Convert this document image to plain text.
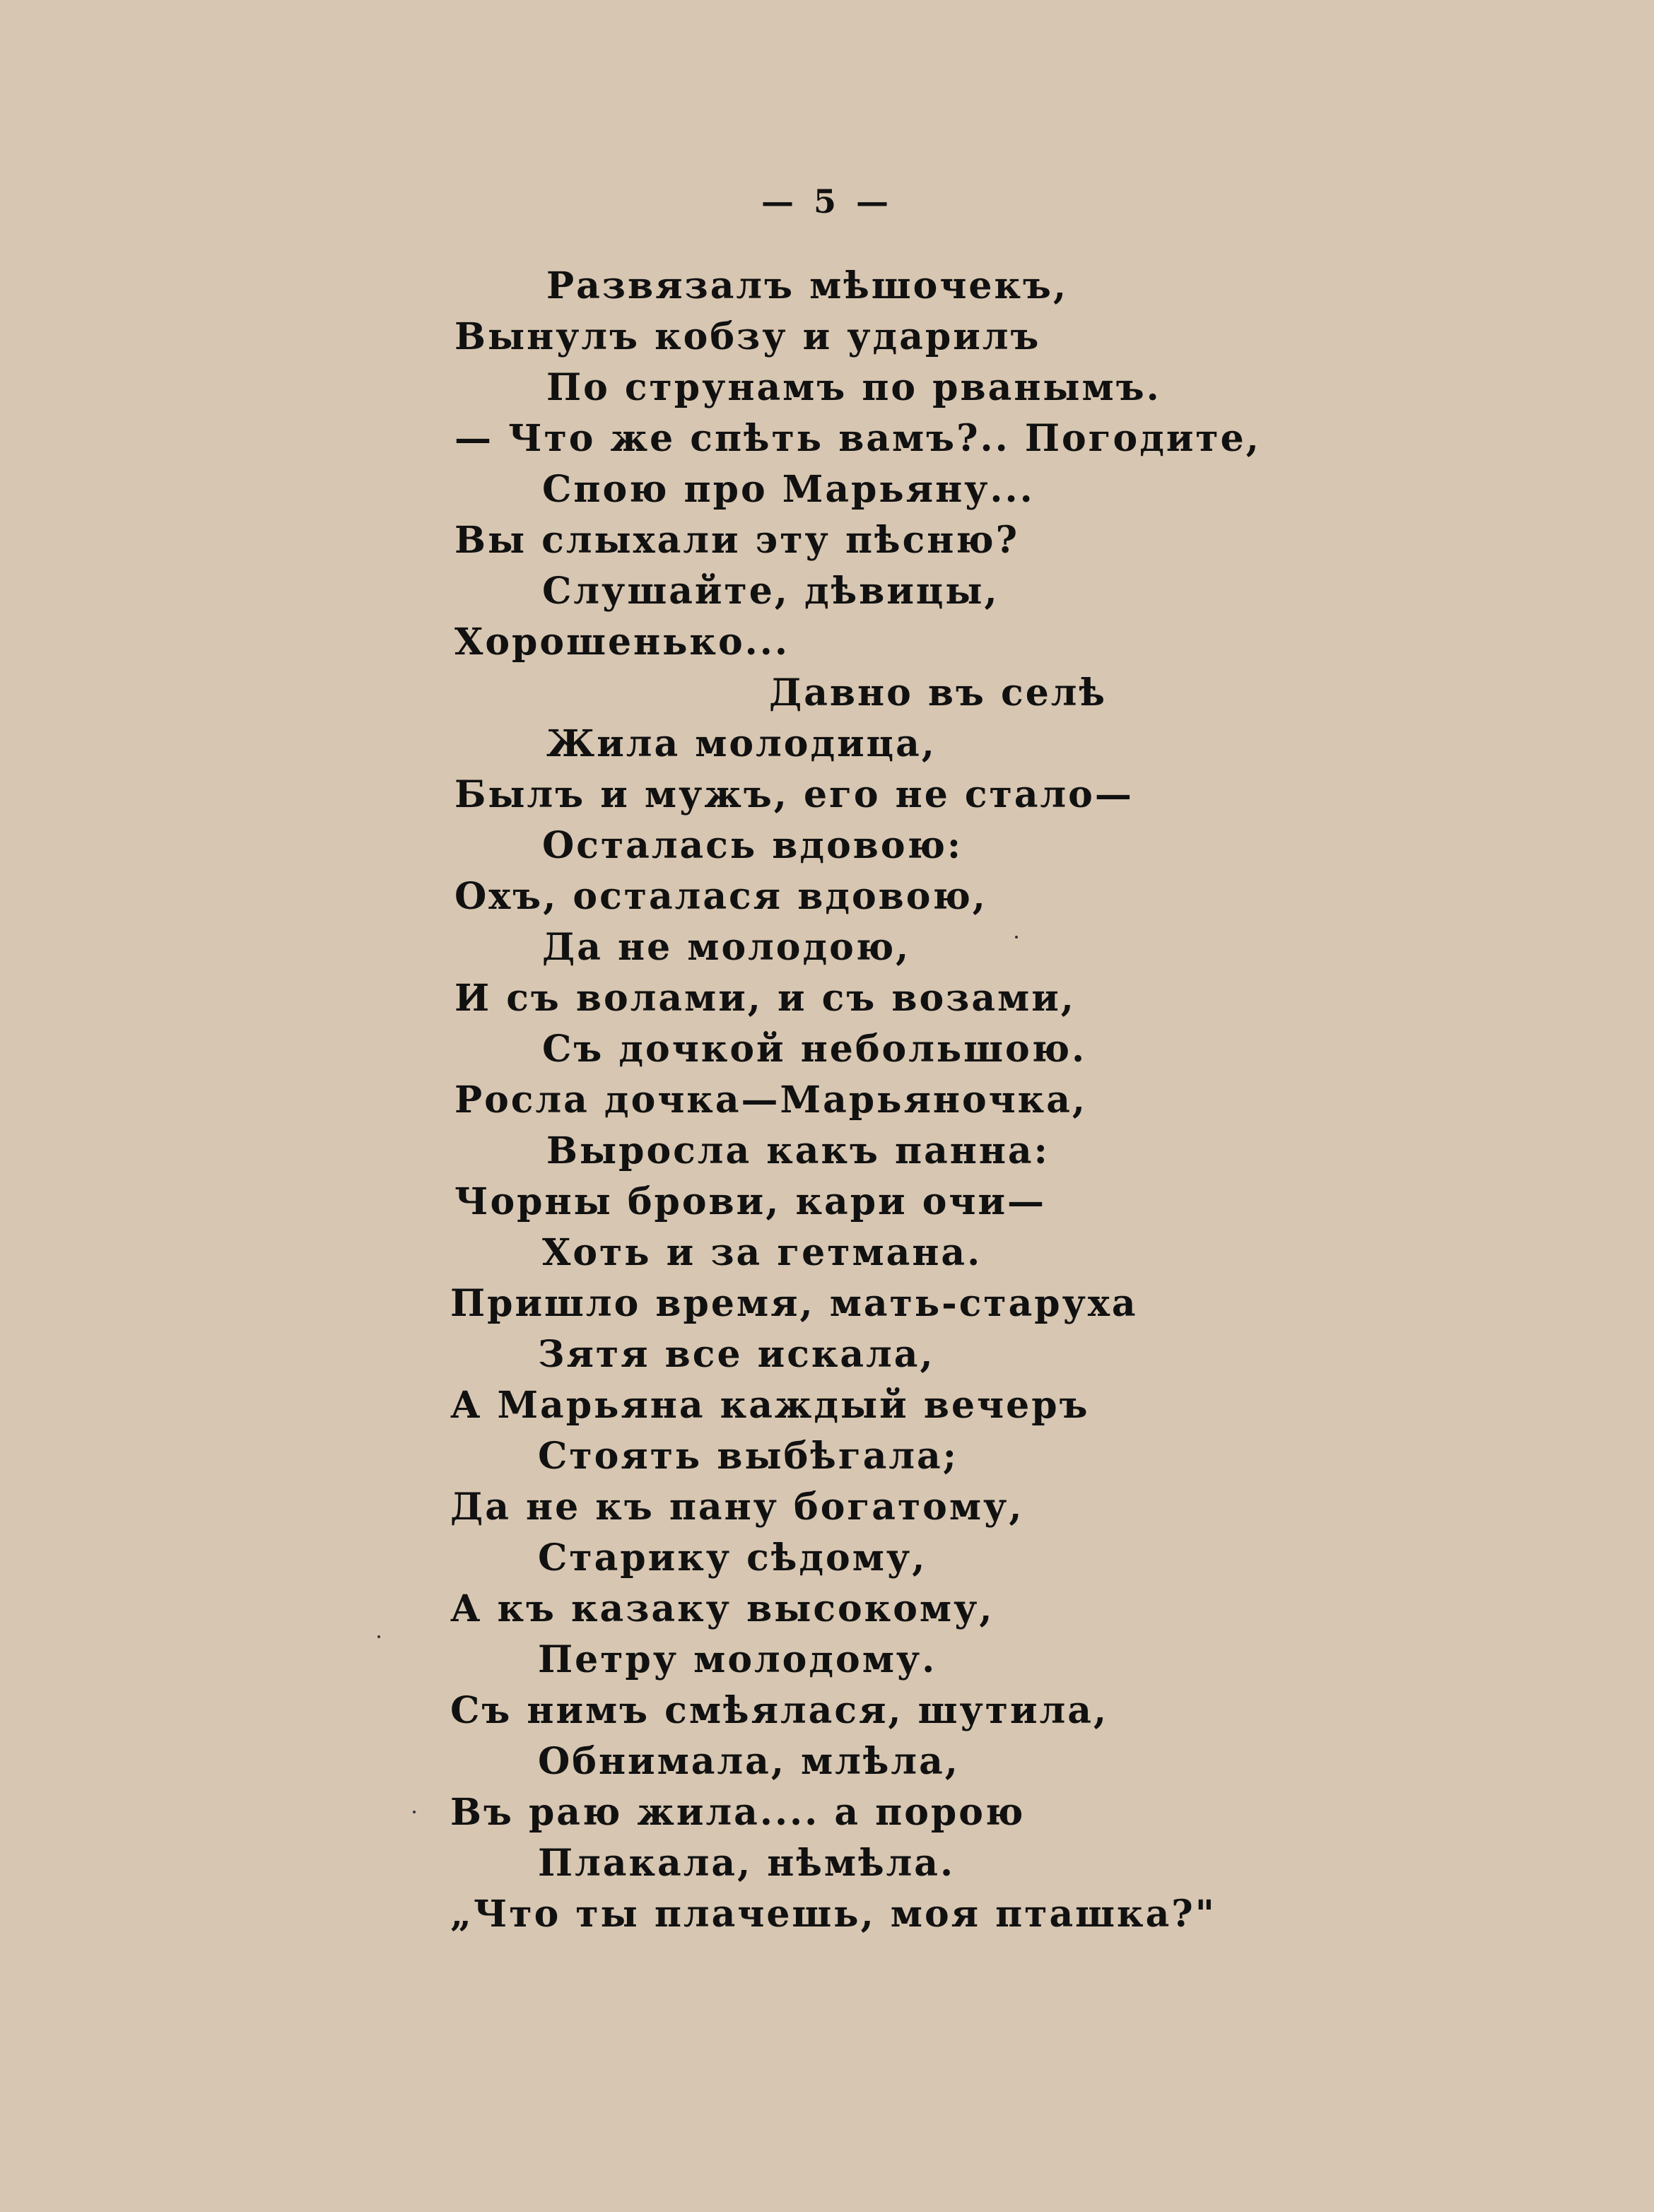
— 5 —
Развязалъ мѣшочекъ,
Вынулъ кобзу и ударилъ
По струнамъ по рванымъ.
— Что же спѣть вамъ?.. Погодите,
Спою про Марьяну...
Вы слыхали эту пѣсню?
Слушайте, дѣвицы,
Хорошенько...
Давно въ селѣ
Жила молодица,
Былъ и мужъ, его не стало—
Осталась вдовою:
Охъ, осталася вдовою,
Да не молодою,
И съ волами, и съ возами,
Съ дочкой небольшою.
Росла дочка—Марьяночка,
Выросла какъ панна:
Чорны брови, кари очи—
Хоть и за гетмана.
Пришло время, мать-старуха
Зятя все искала,
А Марьяна каждый вечеръ
Стоять выбѣгала;
Да не къ пану богатому,
Старику сѣдому,
А къ казаку высокому,
Петру молодому.
Съ нимъ смѣялася, шутила,
Обнимала, млѣла,
Въ раю жила.... а порою
Плакала, нѣмѣла.
„Что ты плачешь, моя пташка?"
